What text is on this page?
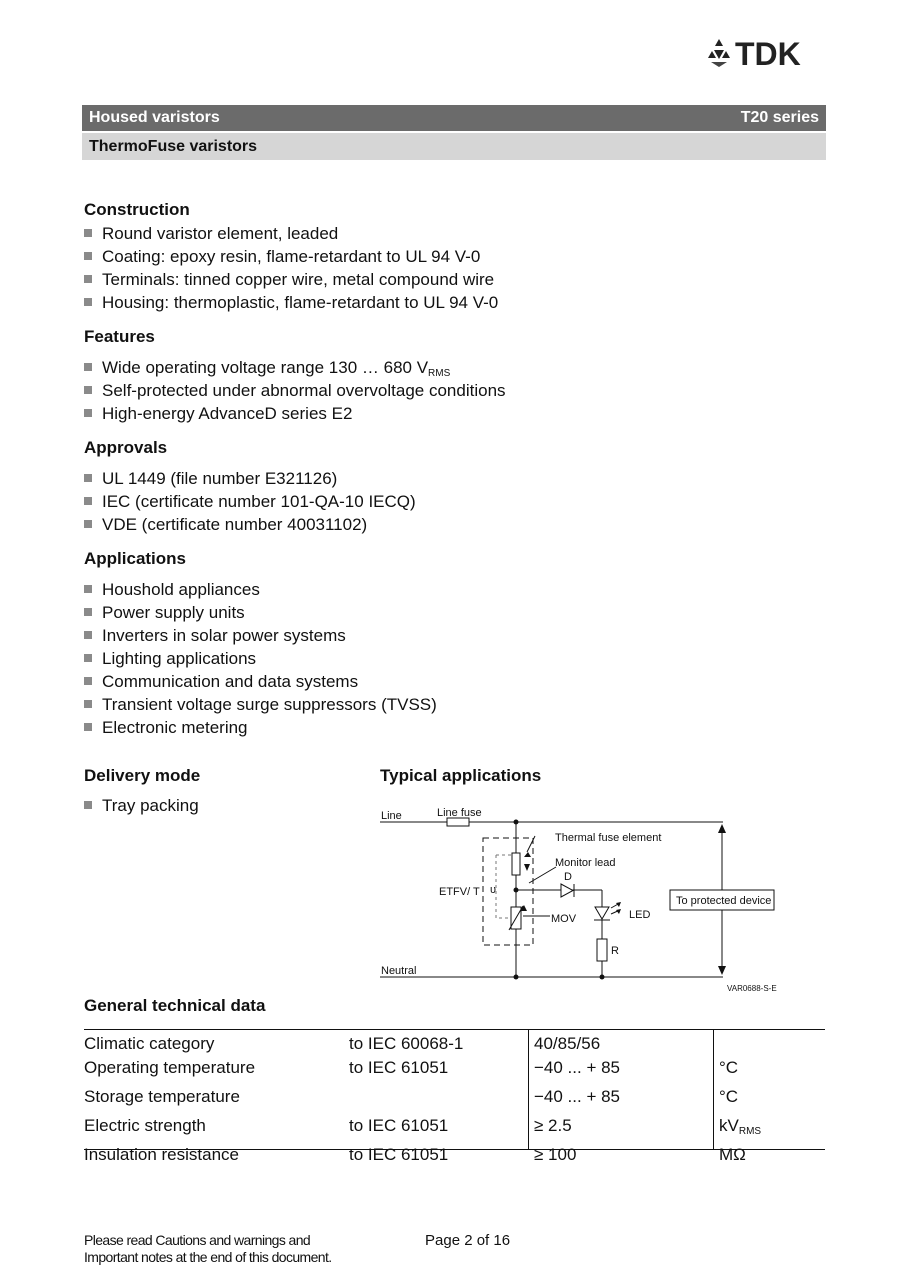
TDK
Housed varistors	T20 series
ThermoFuse varistors
Construction
Round varistor element, leaded
Coating: epoxy resin, flame-retardant to UL 94 V-0
Terminals: tinned copper wire, metal compound wire
Housing: thermoplastic, flame-retardant to UL 94 V-0
Features
Wide operating voltage range 130 … 680 $V_{RMS}$
Self-protected under abnormal overvoltage conditions
High-energy AdvanceD series E2
Approvals
UL 1449 (file number E321126)
IEC (certificate number 101-QA-10 IECQ)
VDE (certificate number 40031102)
Applications
Houshold appliances
Power supply units
Inverters in solar power systems
Lighting applications
Communication and data systems
Transient voltage surge suppressors (TVSS)
Electronic metering
Delivery mode
Tray packing
Typical applications
Line	Line fuse
Thermal fuse element
Monitor lead
D
ETFV/ T υ
MOV	LED
R
Neutral
To protected device
VAR0688-S-E
General technical data
Climatic category	to IEC 60068-1	40/85/56	
Operating temperature	to IEC 61051	−40 ... + 85	°C
Storage temperature		−40 ... + 85	°C
Electric strength	to IEC 61051	≥ 2.5	$kV_{RMS}$
Insulation resistance	to IEC 61051	≥ 100	MΩ
Please read Cautions and warnings and
Important notes at the end of this document.
Page 2 of 16
